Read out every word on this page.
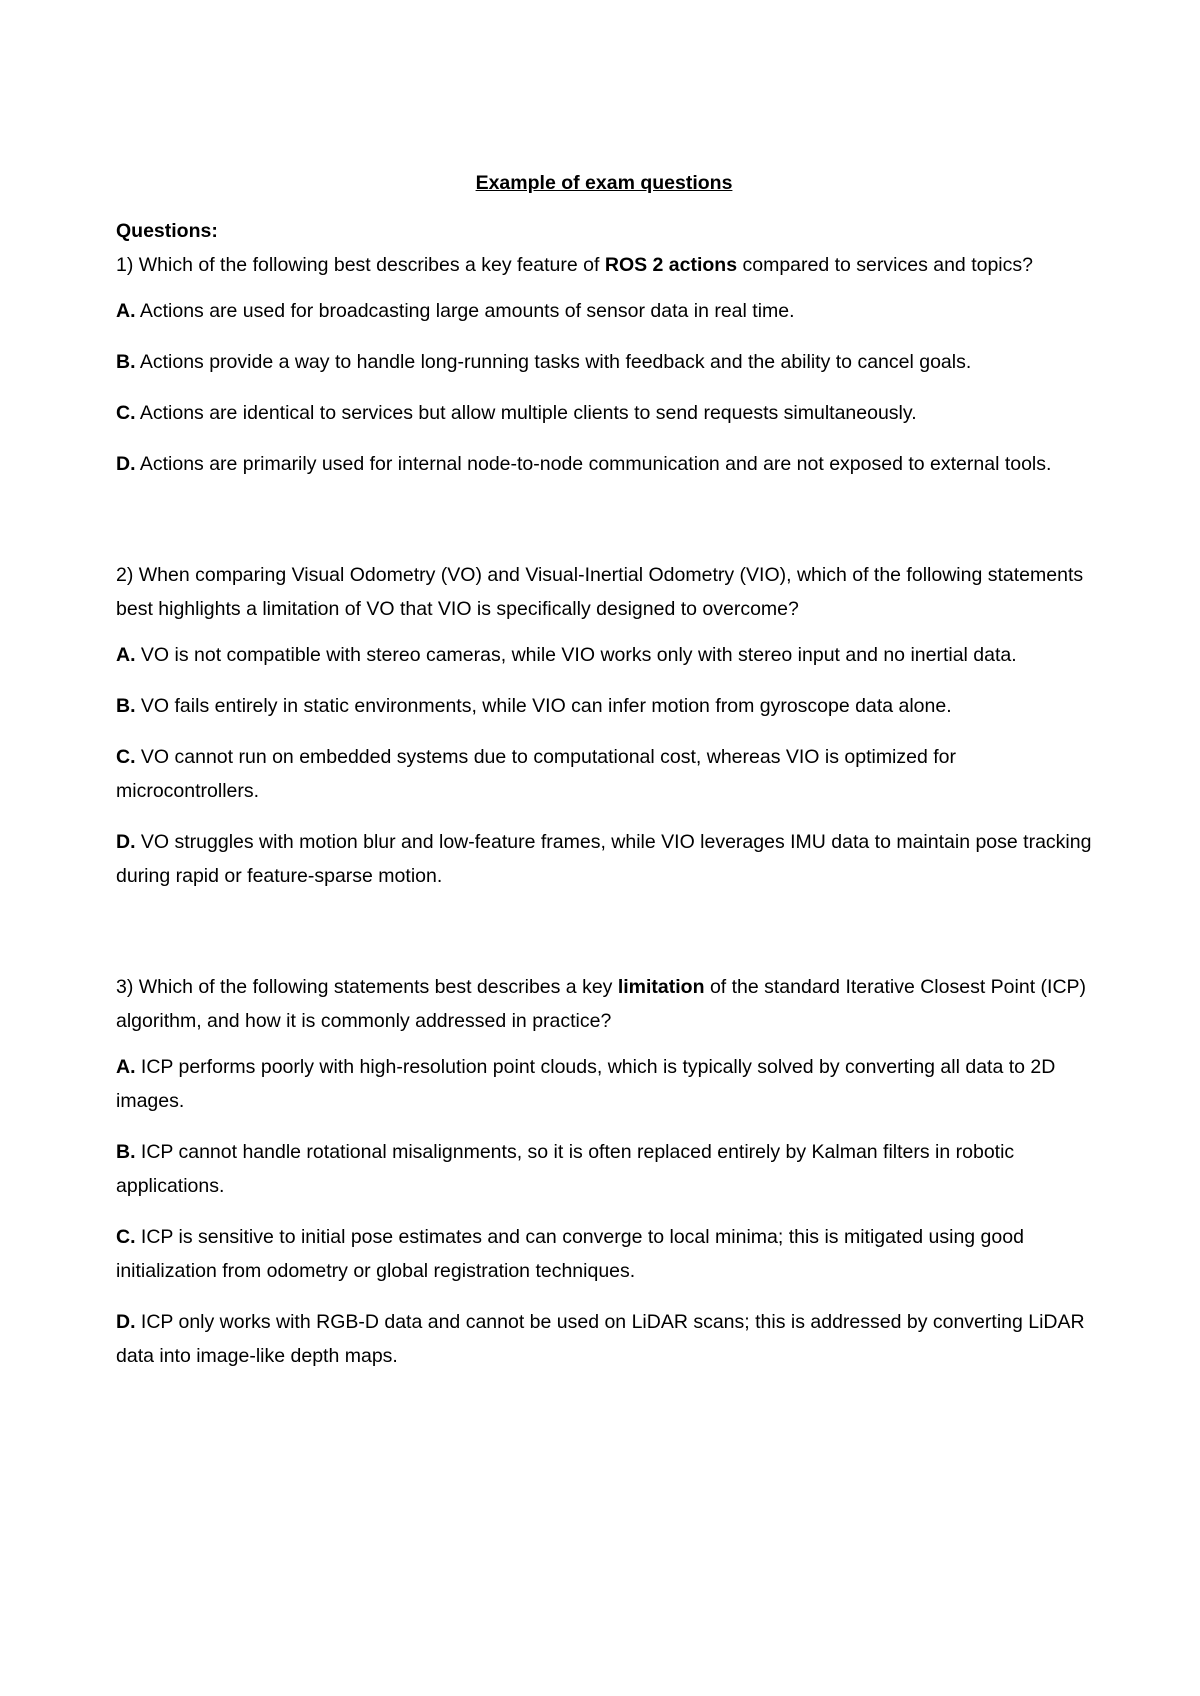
Example of exam questions
Questions:
1) Which of the following best describes a key feature of ROS 2 actions compared to services and topics?
A. Actions are used for broadcasting large amounts of sensor data in real time.
B. Actions provide a way to handle long-running tasks with feedback and the ability to cancel goals.
C. Actions are identical to services but allow multiple clients to send requests simultaneously.
D. Actions are primarily used for internal node-to-node communication and are not exposed to external tools.
2) When comparing Visual Odometry (VO) and Visual-Inertial Odometry (VIO), which of the following statements best highlights a limitation of VO that VIO is specifically designed to overcome?
A. VO is not compatible with stereo cameras, while VIO works only with stereo input and no inertial data.
B. VO fails entirely in static environments, while VIO can infer motion from gyroscope data alone.
C. VO cannot run on embedded systems due to computational cost, whereas VIO is optimized for microcontrollers.
D. VO struggles with motion blur and low-feature frames, while VIO leverages IMU data to maintain pose tracking during rapid or feature-sparse motion.
3) Which of the following statements best describes a key limitation of the standard Iterative Closest Point (ICP) algorithm, and how it is commonly addressed in practice?
A. ICP performs poorly with high-resolution point clouds, which is typically solved by converting all data to 2D images.
B. ICP cannot handle rotational misalignments, so it is often replaced entirely by Kalman filters in robotic applications.
C. ICP is sensitive to initial pose estimates and can converge to local minima; this is mitigated using good initialization from odometry or global registration techniques.
D. ICP only works with RGB-D data and cannot be used on LiDAR scans; this is addressed by converting LiDAR data into image-like depth maps.
